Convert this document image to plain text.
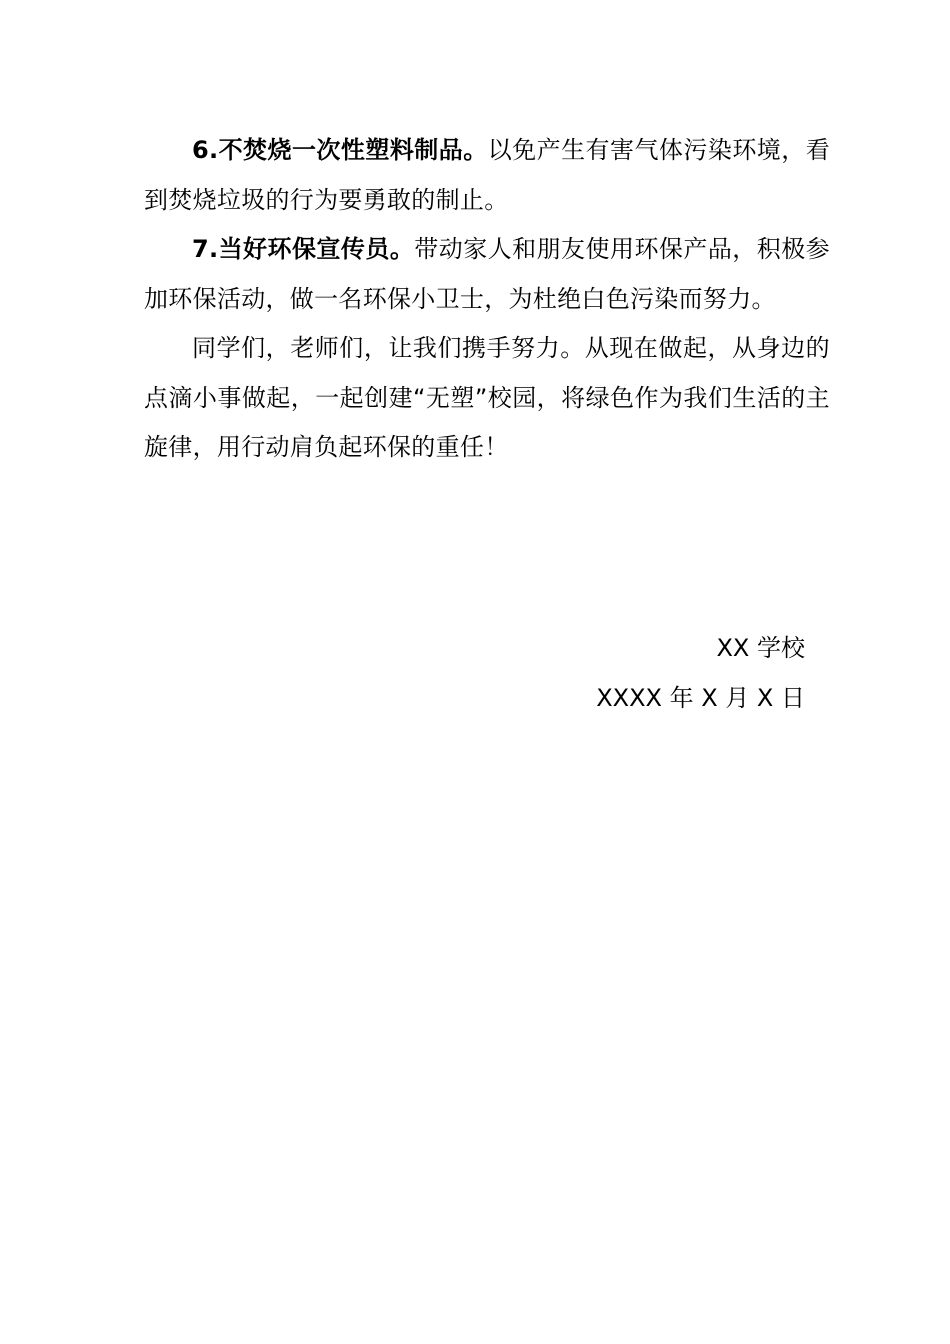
6.不焚烧一次性塑料制品。以免产生有害气体污染环境，看到焚烧垃圾的行为要勇敢的制止。

7.当好环保宣传员。带动家人和朋友使用环保产品，积极参加环保活动，做一名环保小卫士，为杜绝白色污染而努力。

同学们，老师们，让我们携手努力。从现在做起，从身边的点滴小事做起，一起创建“无塑”校园，将绿色作为我们生活的主旋律，用行动肩负起环保的重任！

XX 学校
XXXX 年 X 月 X 日
